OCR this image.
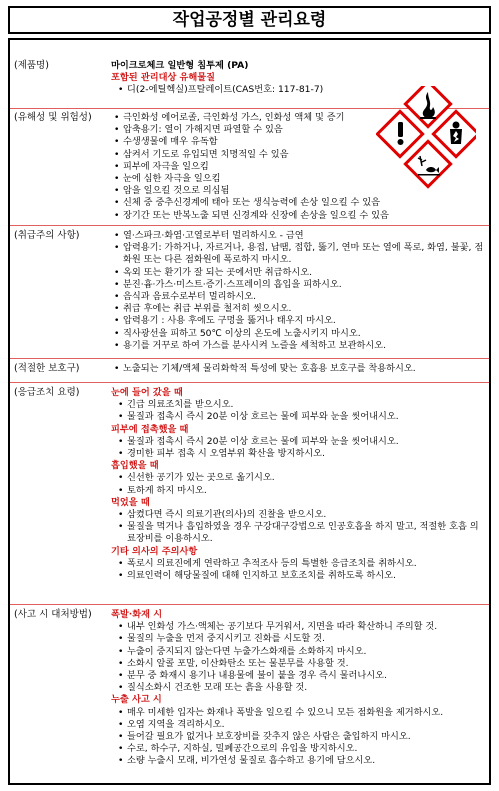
작업공정별 관리요령
(제품명)	마이크로체크 일반형 침투제 (PA)
포함된 관리대상 유해물질
• 디(2-에틸헥실)프탈레이트(CAS번호: 117-81-7)
(유해성 및 위험성)	• 극인화성 에어로졸, 극인화성 가스, 인화성 액체 및 증기
• 압축용기: 열이 가해지면 파열할 수 있음
• 수생생물에 매우 유독함
• 삼켜서 기도로 유입되면 치명적일 수 있음
• 피부에 자극을 일으킴
• 눈에 심한 자극을 일으킴
• 암을 일으킬 것으로 의심됨
• 신체 중 중추신경계에 태아 또는 생식능력에 손상 일으킬 수 있음
• 장기간 또는 반복노출 되면 신경계와 신장에 손상을 일으킬 수 있음
(취급주의 사항)	• 열·스파크·화염·고열로부터 멀리하시오 - 금연
• 압력용기: 가하거나, 자르거나, 용접, 납땜, 접합, 뚫기, 연마 또는 열에 폭로, 화염, 불꽃, 점화원 또는 다른 점화원에 폭로하지 마시오.
• 옥외 또는 환기가 잘 되는 곳에서만 취급하시오.
• 분진·흄·가스·미스트·증기·스프레이의 흡입을 피하시오.
• 음식과 음료수로부터 멀리하시오.
• 취급 후에는 취급 부위를 철저히 씻으시오.
• 압력용기 : 사용 후에도 구멍을 뚫거나 태우지 마시오.
• 직사광선을 피하고 50℃ 이상의 온도에 노출시키지 마시오.
• 용기를 거꾸로 하여 가스를 분사시켜 노즐을 세척하고 보관하시오.
(적절한 보호구)	• 노출되는 기체/액체 물리화학적 특성에 맞는 호흡용 보호구를 착용하시오.
(응급조치 요령)	눈에 들어 갔을 때
• 긴급 의료조치를 받으시오.
• 물질과 접촉시 즉시 20분 이상 흐르는 물에 피부와 눈을 씻어내시오.
피부에 접촉했을 때
• 물질과 접촉시 즉시 20분 이상 흐르는 물에 피부와 눈을 씻어내시오.
• 경미한 피부 접촉 시 오염부위 확산을 방지하시오.
흡입했을 때
• 신선한 공기가 있는 곳으로 옮기시오.
• 토하게 하지 마시오.
먹었을 때
• 삼켰다면 즉시 의료기관(의사)의 진찰을 받으시오.
• 물질을 먹거나 흡입하였을 경우 구강대구강법으로 인공호흡을 하지 말고, 적절한 호흡 의료장비를 이용하시오.
기타 의사의 주의사항
• 폭로시 의료진에게 연락하고 추적조사 등의 특별한 응급조치를 취하시오.
• 의료인력이 해당물질에 대해 인지하고 보호조치를 취하도록 하시오.
(사고 시 대처방법) 폭발·화재 시
• 내부 인화성 가스·액체는 공기보다 무거워서, 지면을 따라 확산하니 주의할 것.
• 물질의 누출을 먼저 중지시키고 진화를 시도할 것.
• 누출이 중지되지 않는다면 누출가스화재를 소화하지 마시오.
• 소화시 알콜 포말, 이산화탄소 또는 물분무를 사용할 것.
• 분무 중 화재시 용기나 내용물에 불이 붙을 경우 즉시 물러나시오.
• 질식소화시 건조한 모래 또는 흙을 사용할 것.
누출 사고 시
• 매우 미세한 입자는 화재나 폭발을 일으킬 수 있으니 모든 점화원을 제거하시오.
• 오염 지역을 격리하시오.
• 들어갈 필요가 없거나 보호장비를 갖추지 않은 사람은 출입하지 마시오.
• 수로, 하수구, 지하실, 밀폐공간으로의 유입을 방지하시오.
• 소량 누출시 모래, 비가연성 물질로 흡수하고 용기에 담으시오.
